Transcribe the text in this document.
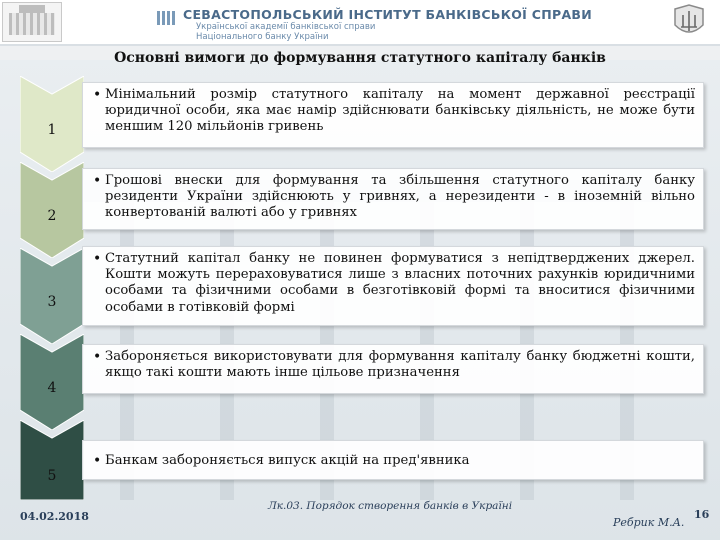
СЕВАСТОПОЛЬСЬКИЙ ІНСТИТУТ БАНКІВСЬКОЇ СПРАВИ
Української академії банківської справи
Національного банку України
Основні вимоги до формування статутного капіталу банків
1
2
3
4
5
• Мінімальний розмір статутного капіталу на момент державної реєстрації юридичної особи, яка має намір здійснювати банківську діяльність, не може бути меншим 120 мільйонів гривень
• Грошові внески для формування та збільшення статутного капіталу банку резиденти України здійснюють у гривнях, а нерезиденти - в іноземній вільно конвертованій валюті або у гривнях
• Статутний капітал банку не повинен формуватися з непідтверджених джерел. Кошти можуть перераховуватися лише з власних поточних рахунків юридичними особами та фізичними особами в безготівковій формі та вноситися фізичними особами в готівковій формі
• Забороняється використовувати для формування капіталу банку бюджетні кошти, якщо такі кошти мають інше цільове призначення
• Банкам забороняється випуск акцій на пред'явника
04.02.2018
Лк.03. Порядок створення банків в Україні
Ребрик М.А.
16
